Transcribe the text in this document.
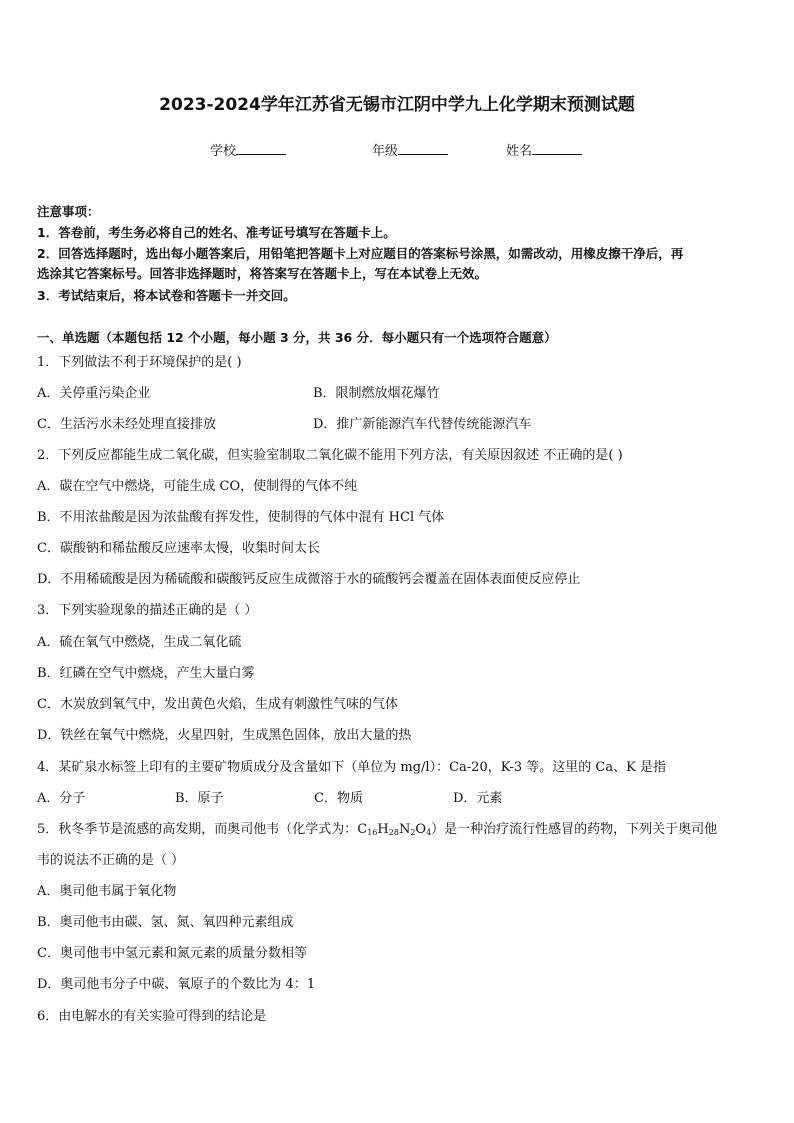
2023-2024学年江苏省无锡市江阴中学九上化学期末预测试题
学校	年级	姓名
注意事项：
1．答卷前，考生务必将自己的姓名、准考证号填写在答题卡上。
2．回答选择题时，选出每小题答案后，用铅笔把答题卡上对应题目的答案标号涂黑，如需改动，用橡皮擦干净后，再
选涂其它答案标号。回答非选择题时，将答案写在答题卡上，写在本试卷上无效。
3．考试结束后，将本试卷和答题卡一并交回。
一、单选题（本题包括 12 个小题，每小题 3 分，共 36 分．每小题只有一个选项符合题意）
1．下列做法不利于环境保护的是( )
A．关停重污染企业	B．限制燃放烟花爆竹
C．生活污水未经处理直接排放	D．推广新能源汽车代替传统能源汽车
2．下列反应都能生成二氧化碳，但实验室制取二氧化碳不能用下列方法，有关原因叙述 不正确的是( )
A．碳在空气中燃烧，可能生成 CO，使制得的气体不纯
B．不用浓盐酸是因为浓盐酸有挥发性，使制得的气体中混有 HCl 气体
C．碳酸钠和稀盐酸反应速率太慢，收集时间太长
D．不用稀硫酸是因为稀硫酸和碳酸钙反应生成微溶于水的硫酸钙会覆盖在固体表面使反应停止
3．下列实验现象的描述正确的是（ ）
A．硫在氧气中燃烧，生成二氧化硫
B．红磷在空气中燃烧，产生大量白雾
C．木炭放到氧气中，发出黄色火焰，生成有刺激性气味的气体
D．铁丝在氧气中燃烧，火星四射，生成黑色固体，放出大量的热
4．某矿泉水标签上印有的主要矿物质成分及含量如下（单位为 mg/l）：Ca-20，K-3 等。这里的 Ca、K 是指
A．分子	B．原子	C．物质	D．元素
5．秋冬季节是流感的高发期，而奥司他韦（化学式为：$C_{16}H_{28}N_2O_4$）是一种治疗流行性感冒的药物，下列关于奥司他
韦的说法不正确的是（ ）
A．奥司他韦属于氧化物
B．奥司他韦由碳、氢、氮、氧四种元素组成
C．奥司他韦中氢元素和氮元素的质量分数相等
D．奥司他韦分子中碳、氧原子的个数比为 4：1
6．由电解水的有关实验可得到的结论是
